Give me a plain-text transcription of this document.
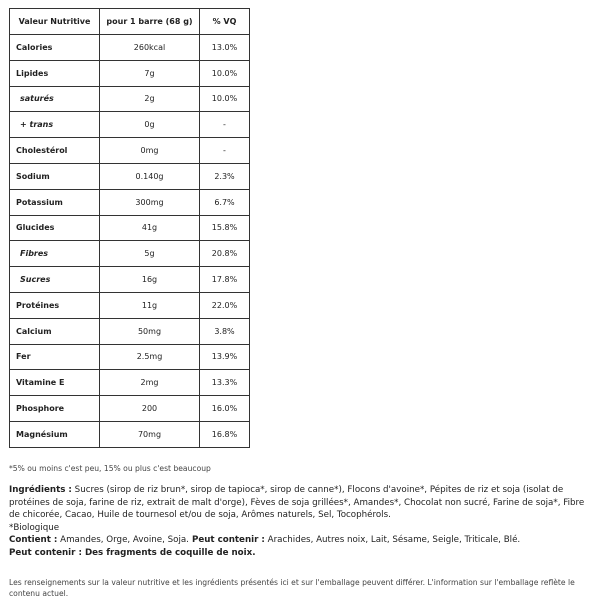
Valeur Nutritive	pour 1 barre (68 g)	% VQ
Calories	260kcal	13.0%
Lipides	7g	10.0%
saturés	2g	10.0%
+ trans	0g	-
Cholestérol	0mg	-
Sodium	0.140g	2.3%
Potassium	300mg	6.7%
Glucides	41g	15.8%
Fibres	5g	20.8%
Sucres	16g	17.8%
Protéines	11g	22.0%
Calcium	50mg	3.8%
Fer	2.5mg	13.9%
Vitamine E	2mg	13.3%
Phosphore	200	16.0%
Magnésium	70mg	16.8%
*5% ou moins c'est peu, 15% ou plus c'est beaucoup

Ingrédients : Sucres (sirop de riz brun*, sirop de tapioca*, sirop de canne*), Flocons d'avoine*, Pépites de riz et soja (isolat de protéines de soja, farine de riz, extrait de malt d'orge), Fèves de soja grillées*, Amandes*, Chocolat non sucré, Farine de soja*, Fibre de chicorée, Cacao, Huile de tournesol et/ou de soja, Arômes naturels, Sel, Tocophérols.

*Biologique

Contient : Amandes, Orge, Avoine, Soja. Peut contenir : Arachides, Autres noix, Lait, Sésame, Seigle, Triticale, Blé.

Peut contenir : Des fragments de coquille de noix.

Les renseignements sur la valeur nutritive et les ingrédients présentés ici et sur l'emballage peuvent différer. L'information sur l'emballage reflète le contenu actuel.
